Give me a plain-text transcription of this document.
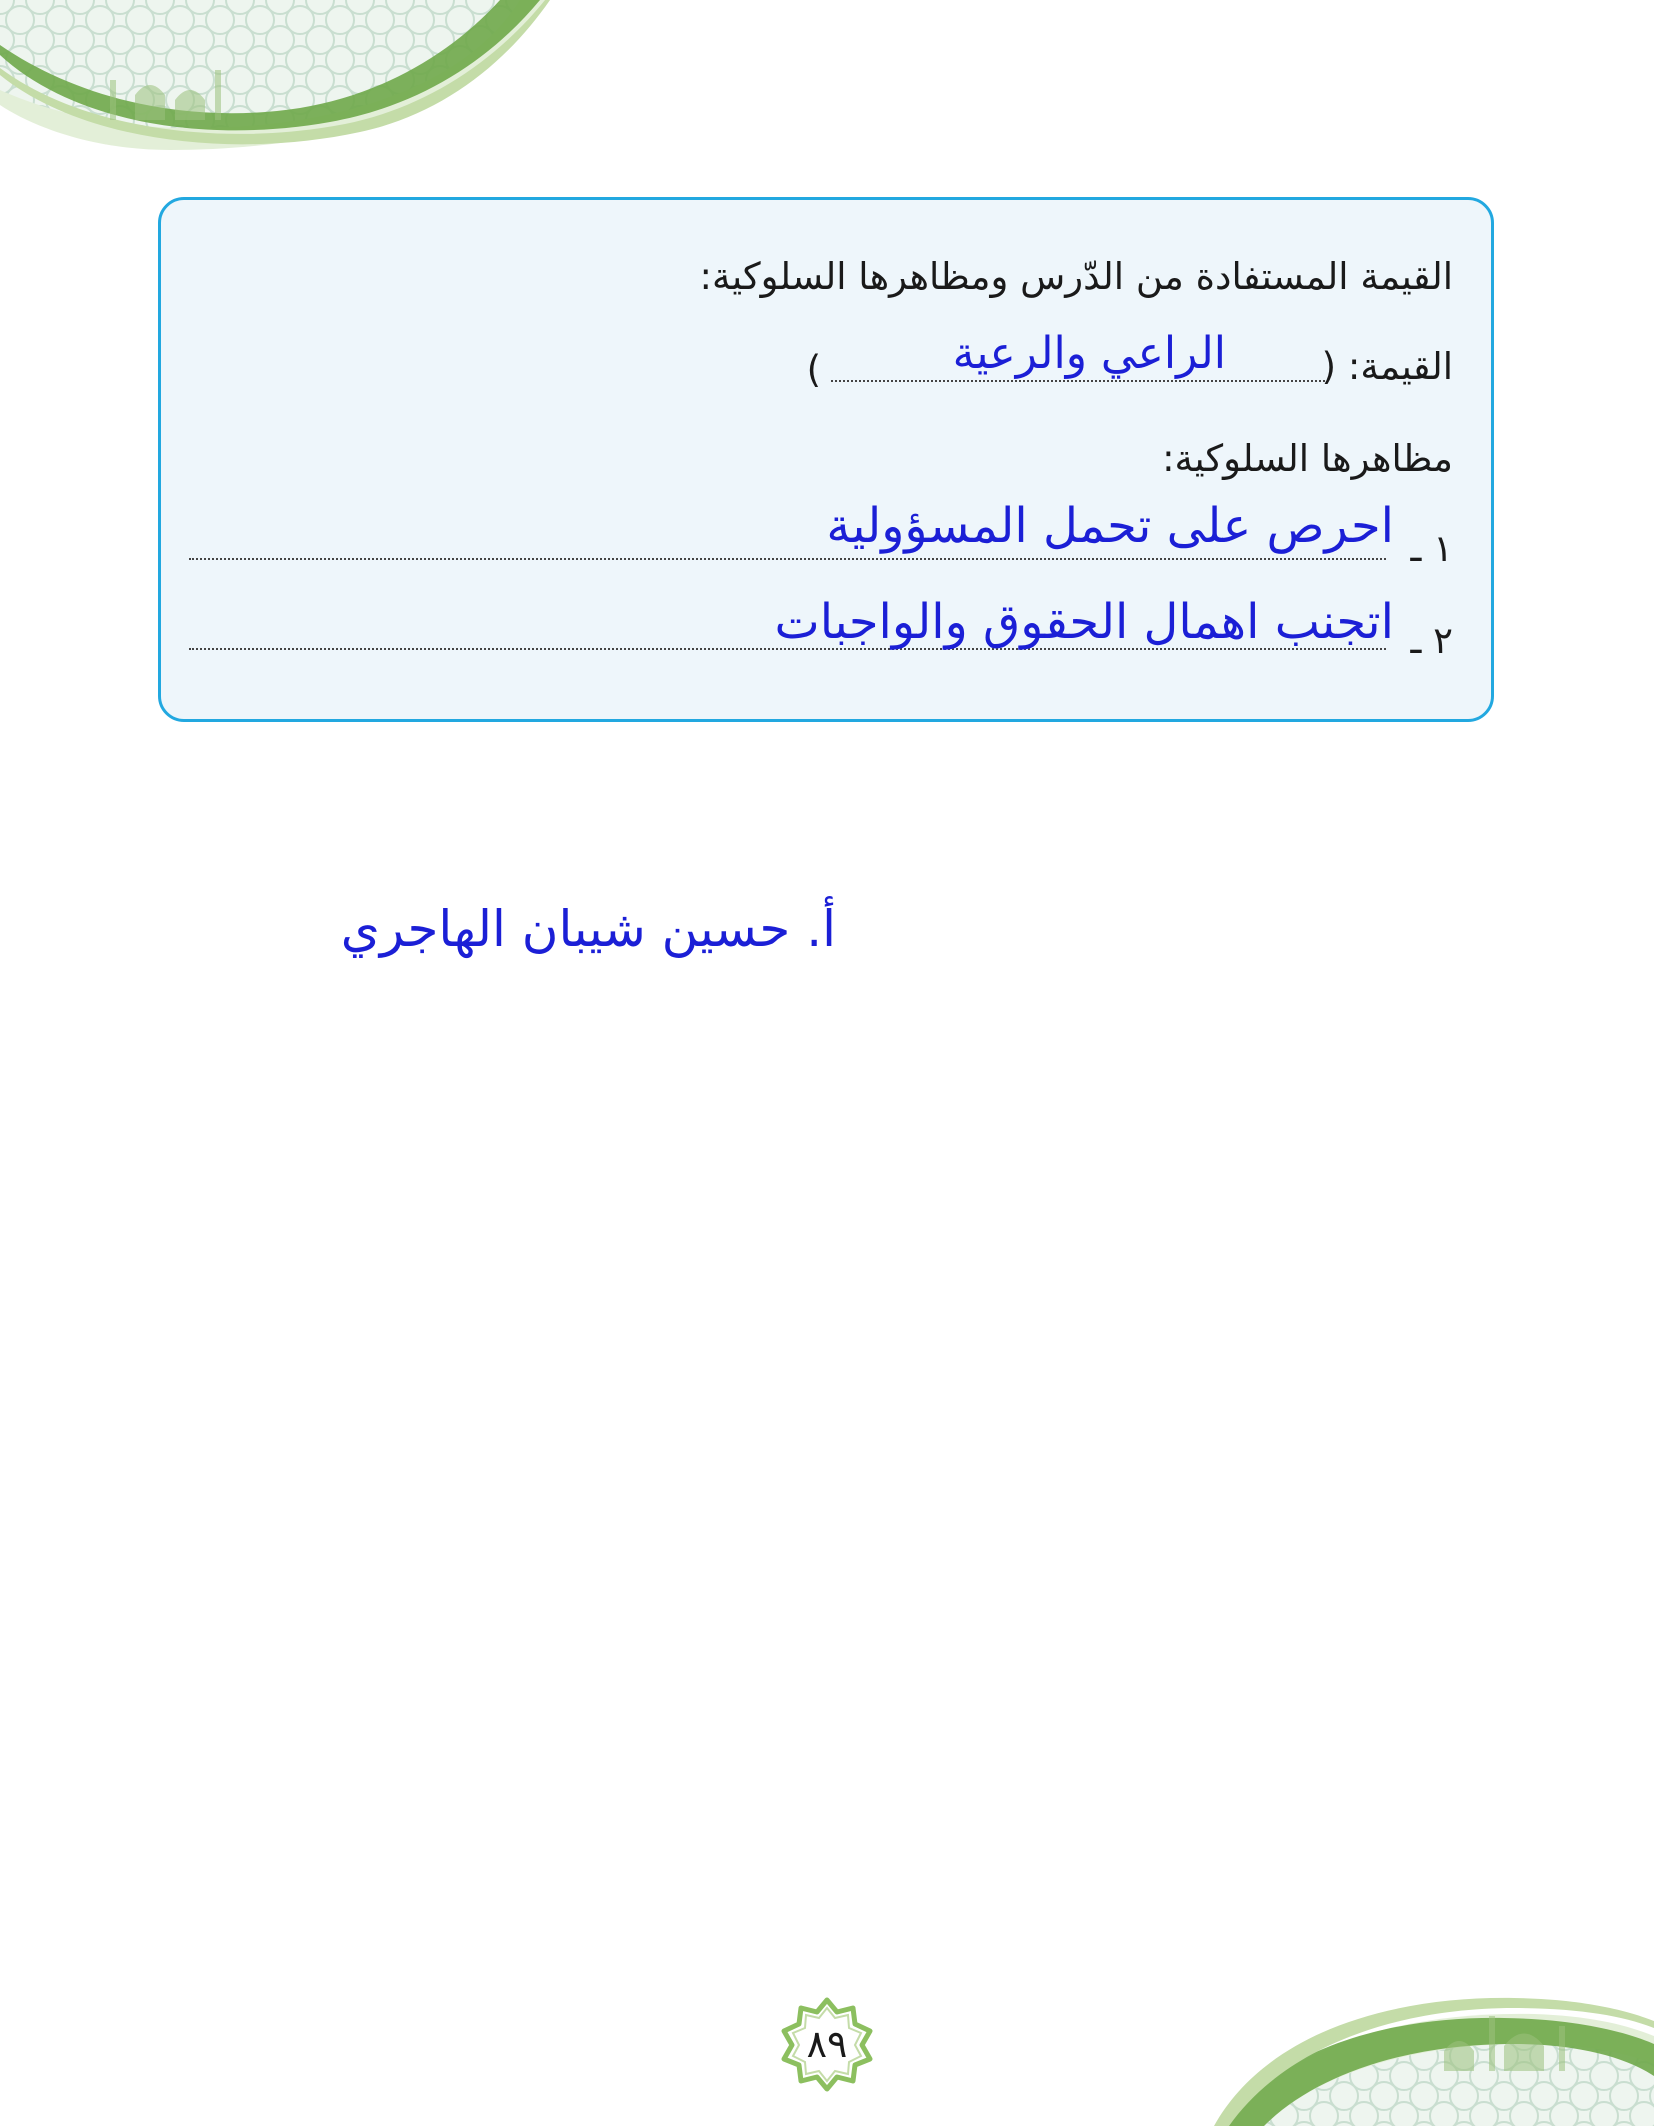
القيمة المستفادة من الدّرس ومظاهرها السلوكية:
القيمة: (
)
مظاهرها السلوكية:
١ ـ
٢ ـ
الراعي والرعية
احرص على تحمل المسؤولية
اتجنب اهمال الحقوق والواجبات
أ. حسين شيبان الهاجري
٨٩
